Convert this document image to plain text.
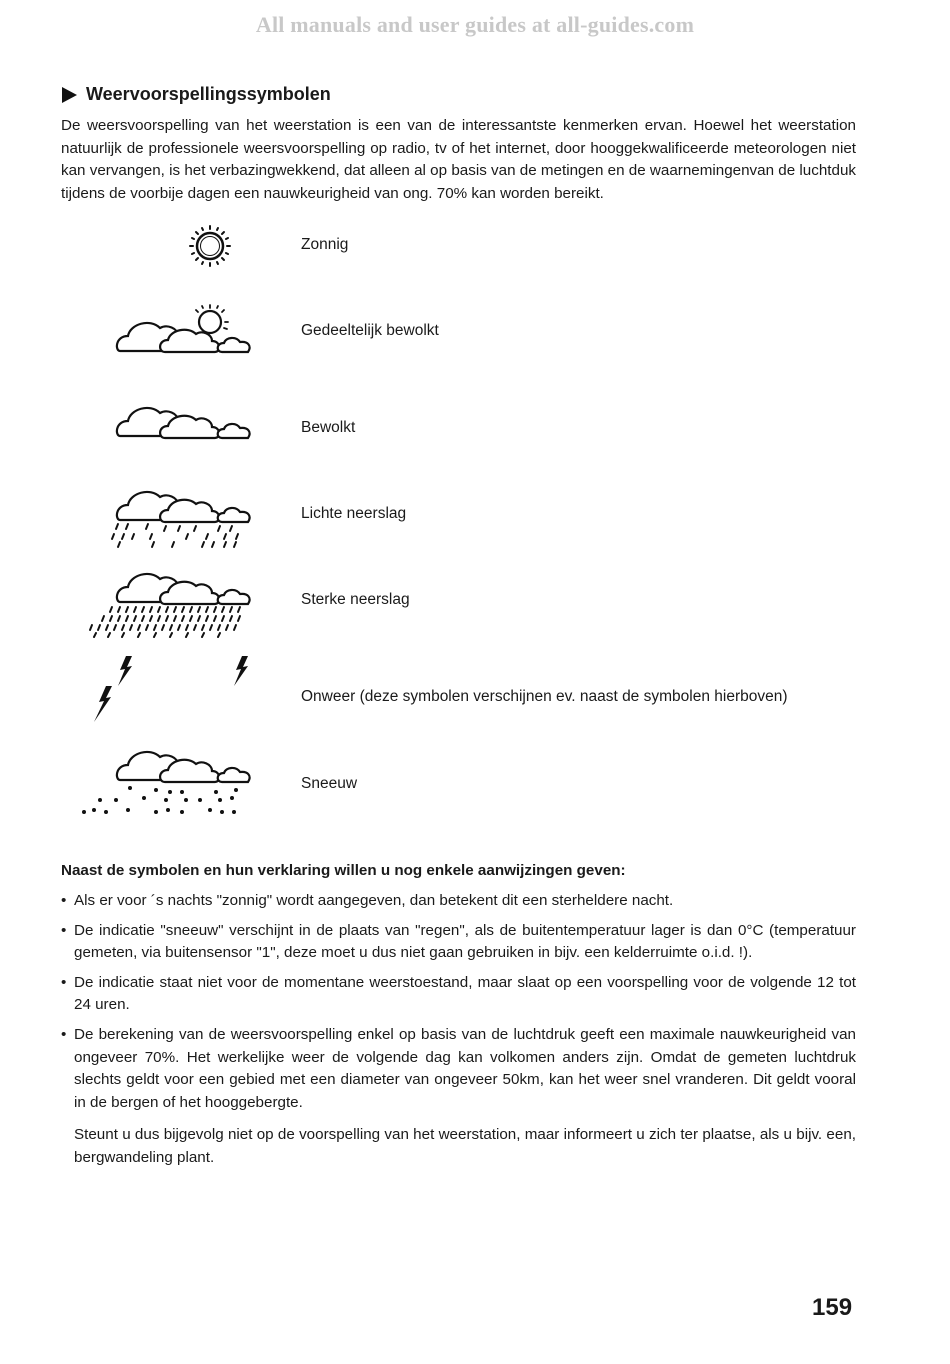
All manuals and user guides at all-guides.com
Weervoorspellingssymbolen
De weersvoorspelling van het weerstation is een van de interessantste kenmerken ervan. Hoewel het weerstation natuurlijk de professionele weersvoorspelling op radio, tv of het internet, door hooggekwalificeerde meteorologen niet kan vervangen, is het verbazingwekkend, dat alleen al op basis van de metingen en de waarnemingenvan de luchtduk tijdens de voorbije dagen een nauwkeurigheid van ong. 70% kan worden bereikt.
Zonnig
Gedeeltelijk bewolkt
Bewolkt
Lichte neerslag
Sterke neerslag
Onweer (deze symbolen verschijnen ev. naast de symbolen hierboven)
Sneeuw
Naast de symbolen en hun verklaring willen u nog enkele aanwijzingen geven:
• Als er voor ´s nachts "zonnig" wordt aangegeven, dan betekent dit een sterheldere nacht.
• De indicatie "sneeuw" verschijnt in de plaats van "regen", als de buitentemperatuur lager is dan 0°C (temperatuur gemeten, via buitensensor "1", deze moet u dus niet gaan gebruiken in bijv. een kelderruimte o.i.d. !).
• De indicatie staat niet voor de momentane weerstoestand, maar slaat op een voorspelling voor de volgende 12 tot 24 uren.
• De berekening van de weersvoorspelling enkel op basis van de luchtdruk geeft een maximale nauwkeurigheid van ongeveer 70%. Het werkelijke weer de volgende dag kan volkomen anders zijn. Omdat de gemeten luchtdruk slechts geldt voor een gebied met een diameter van ongeveer 50km, kan het weer snel vranderen. Dit geldt vooral in de bergen of het hooggebergte.
Steunt u dus bijgevolg niet op de voorspelling van het weerstation, maar informeert u zich ter plaatse, als u bijv. een, bergwandeling plant.
159
